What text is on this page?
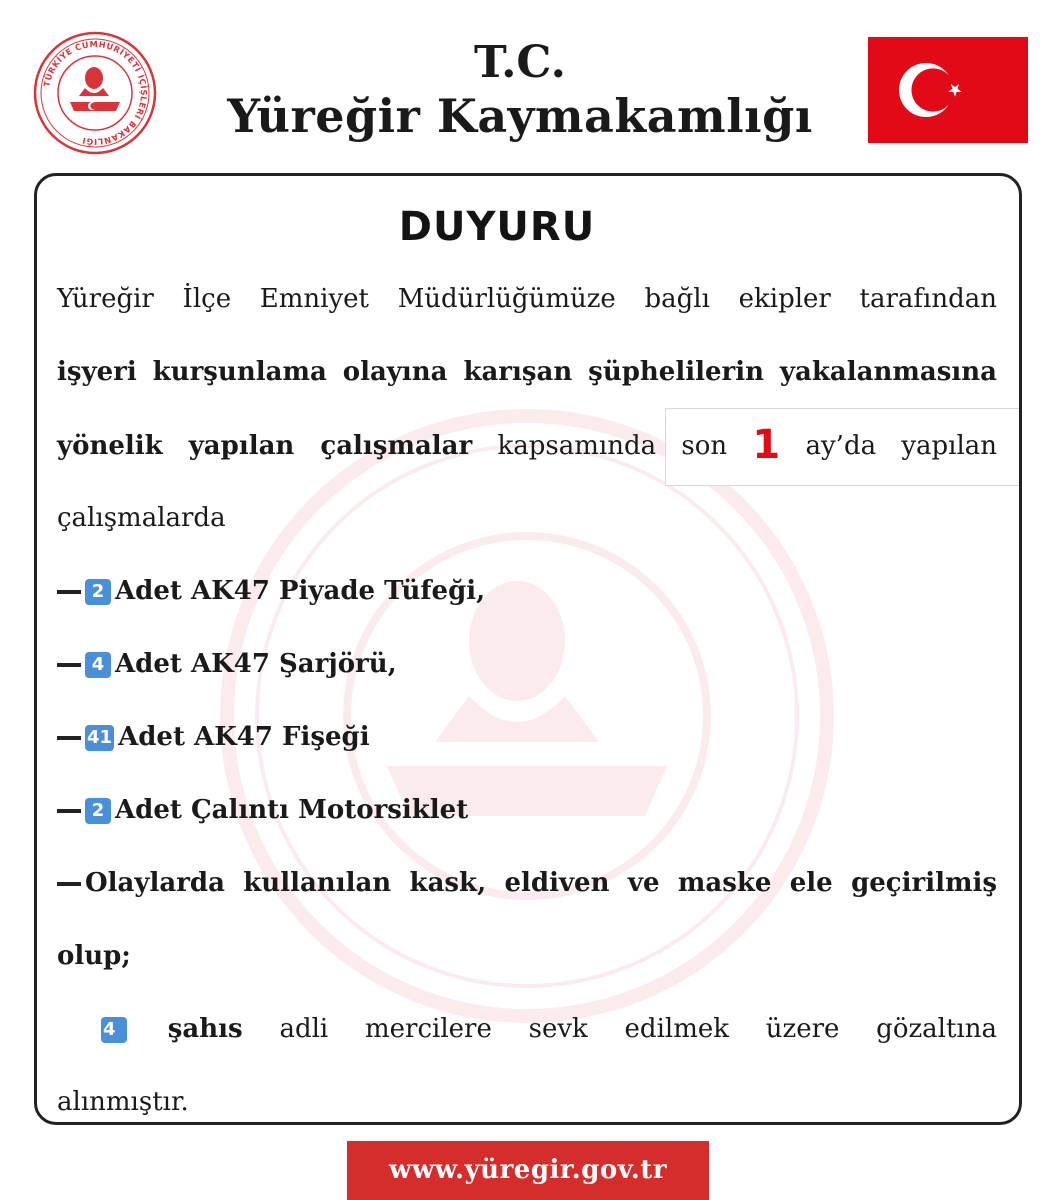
TÜRKİYE CUMHURİYETİ İÇİŞLERİ BAKANLIĞI
T.C.
Yüreğir Kaymakamlığı
DUYURU
Yüreğir İlçe Emniyet Müdürlüğümüze bağlı ekipler tarafından
işyeri kurşunlama olayına karışan şüphelilerin yakalanmasına
yönelik yapılan çalışmalar kapsamında son 1 ay’da yapılan
çalışmalarda
2 Adet AK47 Piyade Tüfeği,
4 Adet AK47 Şarjörü,
41 Adet AK47 Fişeği
2 Adet Çalıntı Motorsiklet
Olaylarda kullanılan kask, eldiven ve maske ele geçirilmiş
olup;
4 şahıs adli mercilere sevk edilmek üzere gözaltına
alınmıştır.
www.yüregir.gov.tr
